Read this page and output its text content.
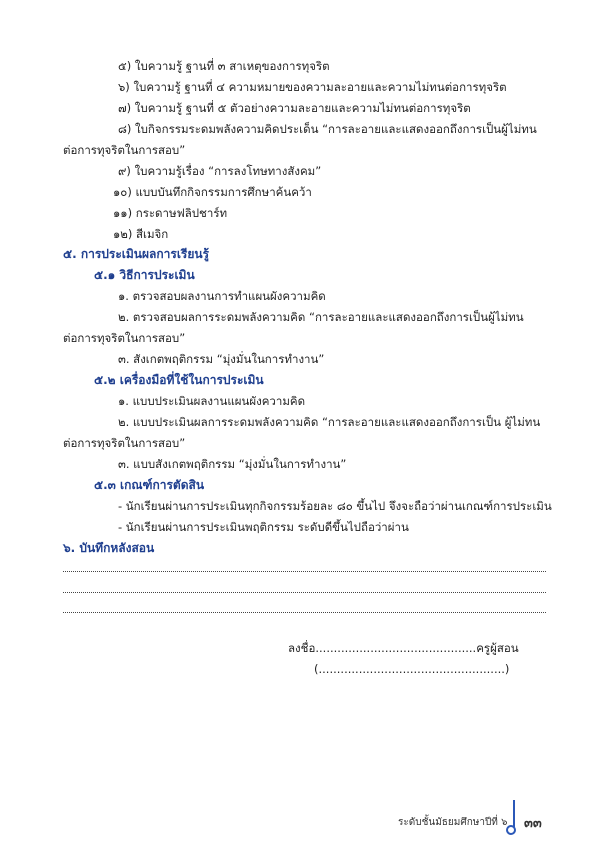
๕) ใบความรู้ ฐานที่ ๓ สาเหตุของการทุจริต
๖) ใบความรู้ ฐานที่ ๔ ความหมายของความละอายและความไม่ทนต่อการทุจริต
๗) ใบความรู้ ฐานที่ ๕ ตัวอย่างความละอายและความไม่ทนต่อการทุจริต
๘) ใบกิจกรรมระดมพลังความคิดประเด็น “การละอายและแสดงออกถึงการเป็นผู้ไม่ทน
ต่อการทุจริตในการสอบ”
๙) ใบความรู้เรื่อง “การลงโทษทางสังคม”
๑๐) แบบบันทึกกิจกรรมการศึกษาค้นคว้า
๑๑) กระดาษฟลิปชาร์ท
๑๒) สีเมจิก
๕. การประเมินผลการเรียนรู้
๕.๑ วิธีการประเมิน
๑. ตรวจสอบผลงานการทำแผนผังความคิด
๒. ตรวจสอบผลการระดมพลังความคิด “การละอายและแสดงออกถึงการเป็นผู้ไม่ทน
ต่อการทุจริตในการสอบ”
๓. สังเกตพฤติกรรม “มุ่งมั่นในการทำงาน”
๕.๒ เครื่องมือที่ใช้ในการประเมิน
๑. แบบประเมินผลงานแผนผังความคิด
๒. แบบประเมินผลการระดมพลังความคิด “การละอายและแสดงออกถึงการเป็น ผู้ไม่ทน
ต่อการทุจริตในการสอบ”
๓. แบบสังเกตพฤติกรรม “มุ่งมั่นในการทำงาน”
๕.๓ เกณฑ์การตัดสิน
- นักเรียนผ่านการประเมินทุกกิจกรรมร้อยละ ๘๐ ขึ้นไป จึงจะถือว่าผ่านเกณฑ์การประเมิน
- นักเรียนผ่านการประเมินพฤติกรรม ระดับดีขึ้นไปถือว่าผ่าน
๖. บันทึกหลังสอน
ลงชื่อ............................................ครูผู้สอน
(...................................................)
ระดับชั้นมัธยมศึกษาปีที่ ๖ ๓๓
